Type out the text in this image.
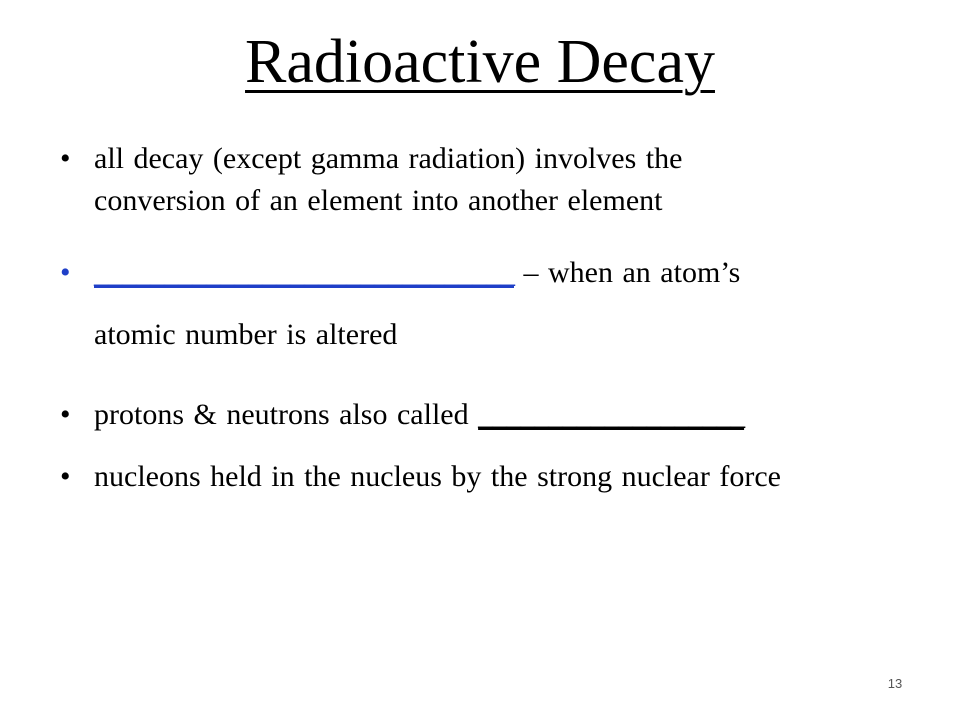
Radioactive Decay
• all decay (except gamma radiation) involves the
conversion of an element into another element
• ______________________________ – when an atom’s
atomic number is altered
• protons & neutrons also called ___________________
• nucleons held in the nucleus by the strong nuclear force
13
